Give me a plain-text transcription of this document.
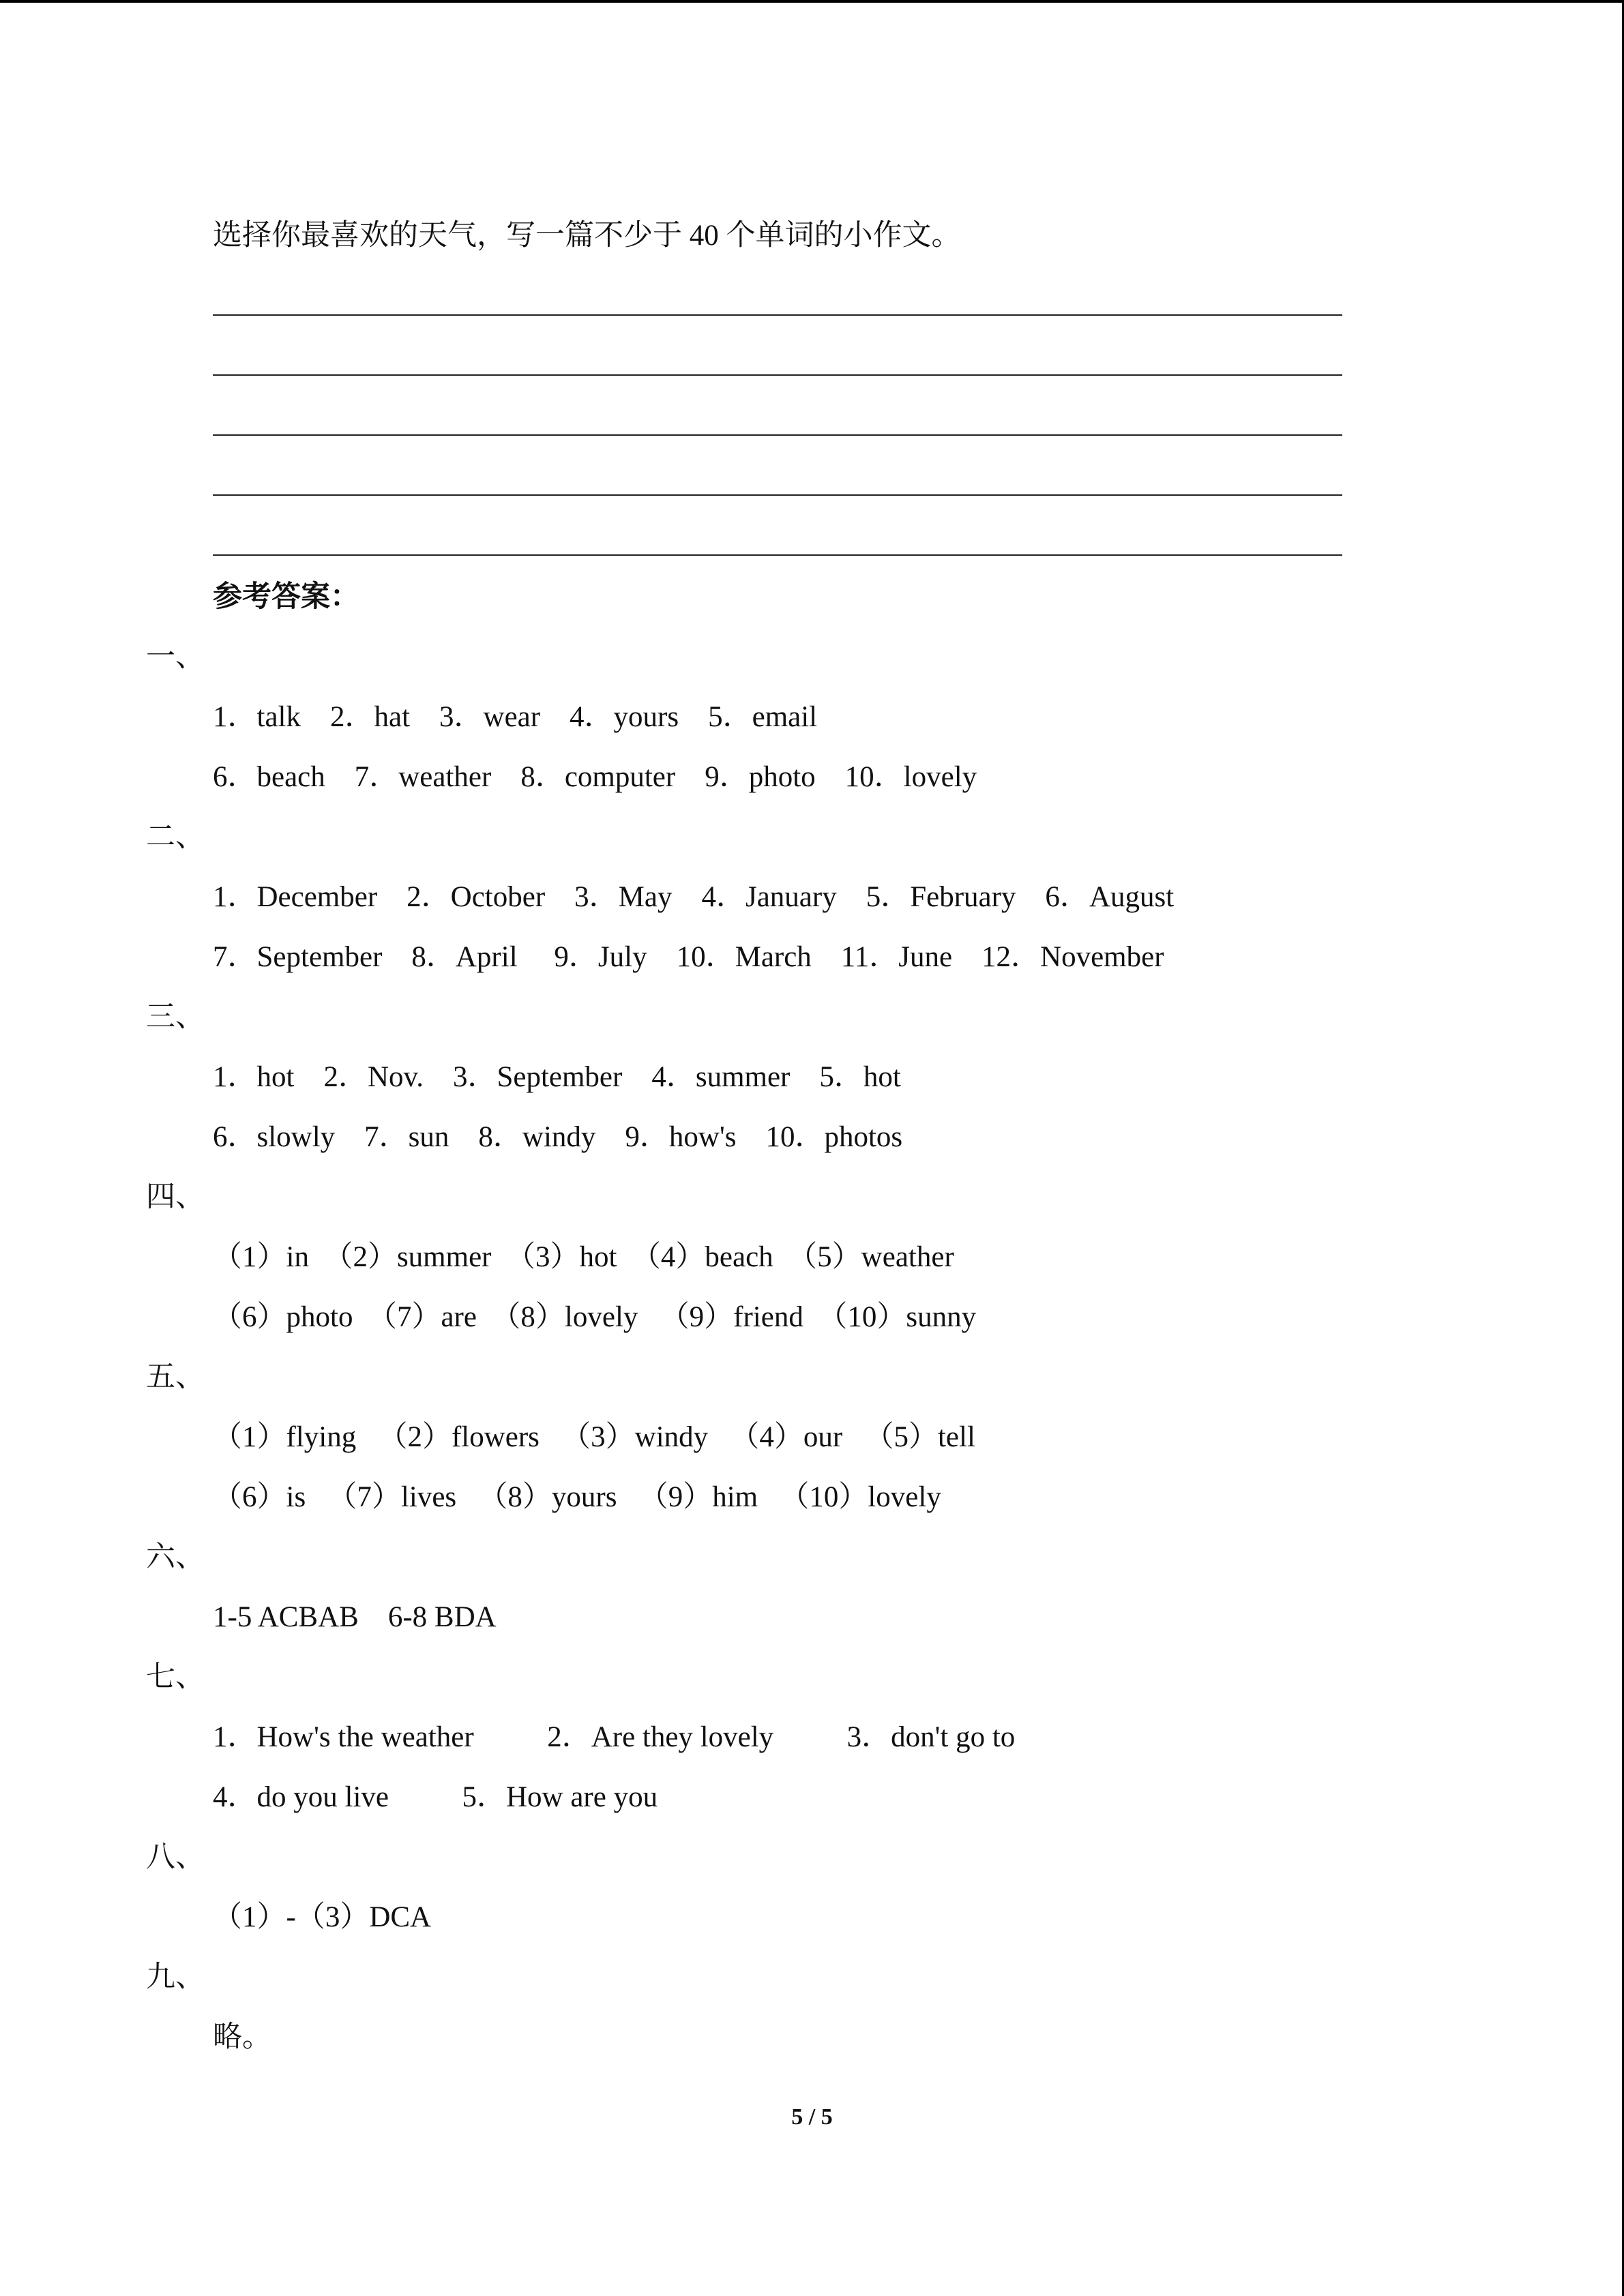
选择你最喜欢的天气，写一篇不少于 40 个单词的小作文。
参考答案：
一、
1．talk    2．hat    3．wear    4．yours    5．email
6．beach    7．weather    8．computer    9．photo    10．lovely
二、
1．December    2．October    3．May    4．January    5．February    6．August
7．September    8．April     9．July    10．March    11．June    12．November
三、
1．hot    2．Nov.    3．September    4．summer    5．hot
6．slowly    7．sun    8．windy    9．how's    10．photos
四、
（1）in  （2）summer  （3）hot  （4）beach  （5）weather
（6）photo  （7）are  （8）lovely   （9）friend  （10）sunny
五、
（1）flying   （2）flowers   （3）windy   （4）our   （5）tell
（6）is   （7）lives   （8）yours   （9）him   （10）lovely
六、
1-5 ACBAB    6-8 BDA
七、
1．How's the weather          2．Are they lovely          3．don't go to
4．do you live          5．How are you
八、
（1）-（3）DCA
九、
略。
5 / 5
